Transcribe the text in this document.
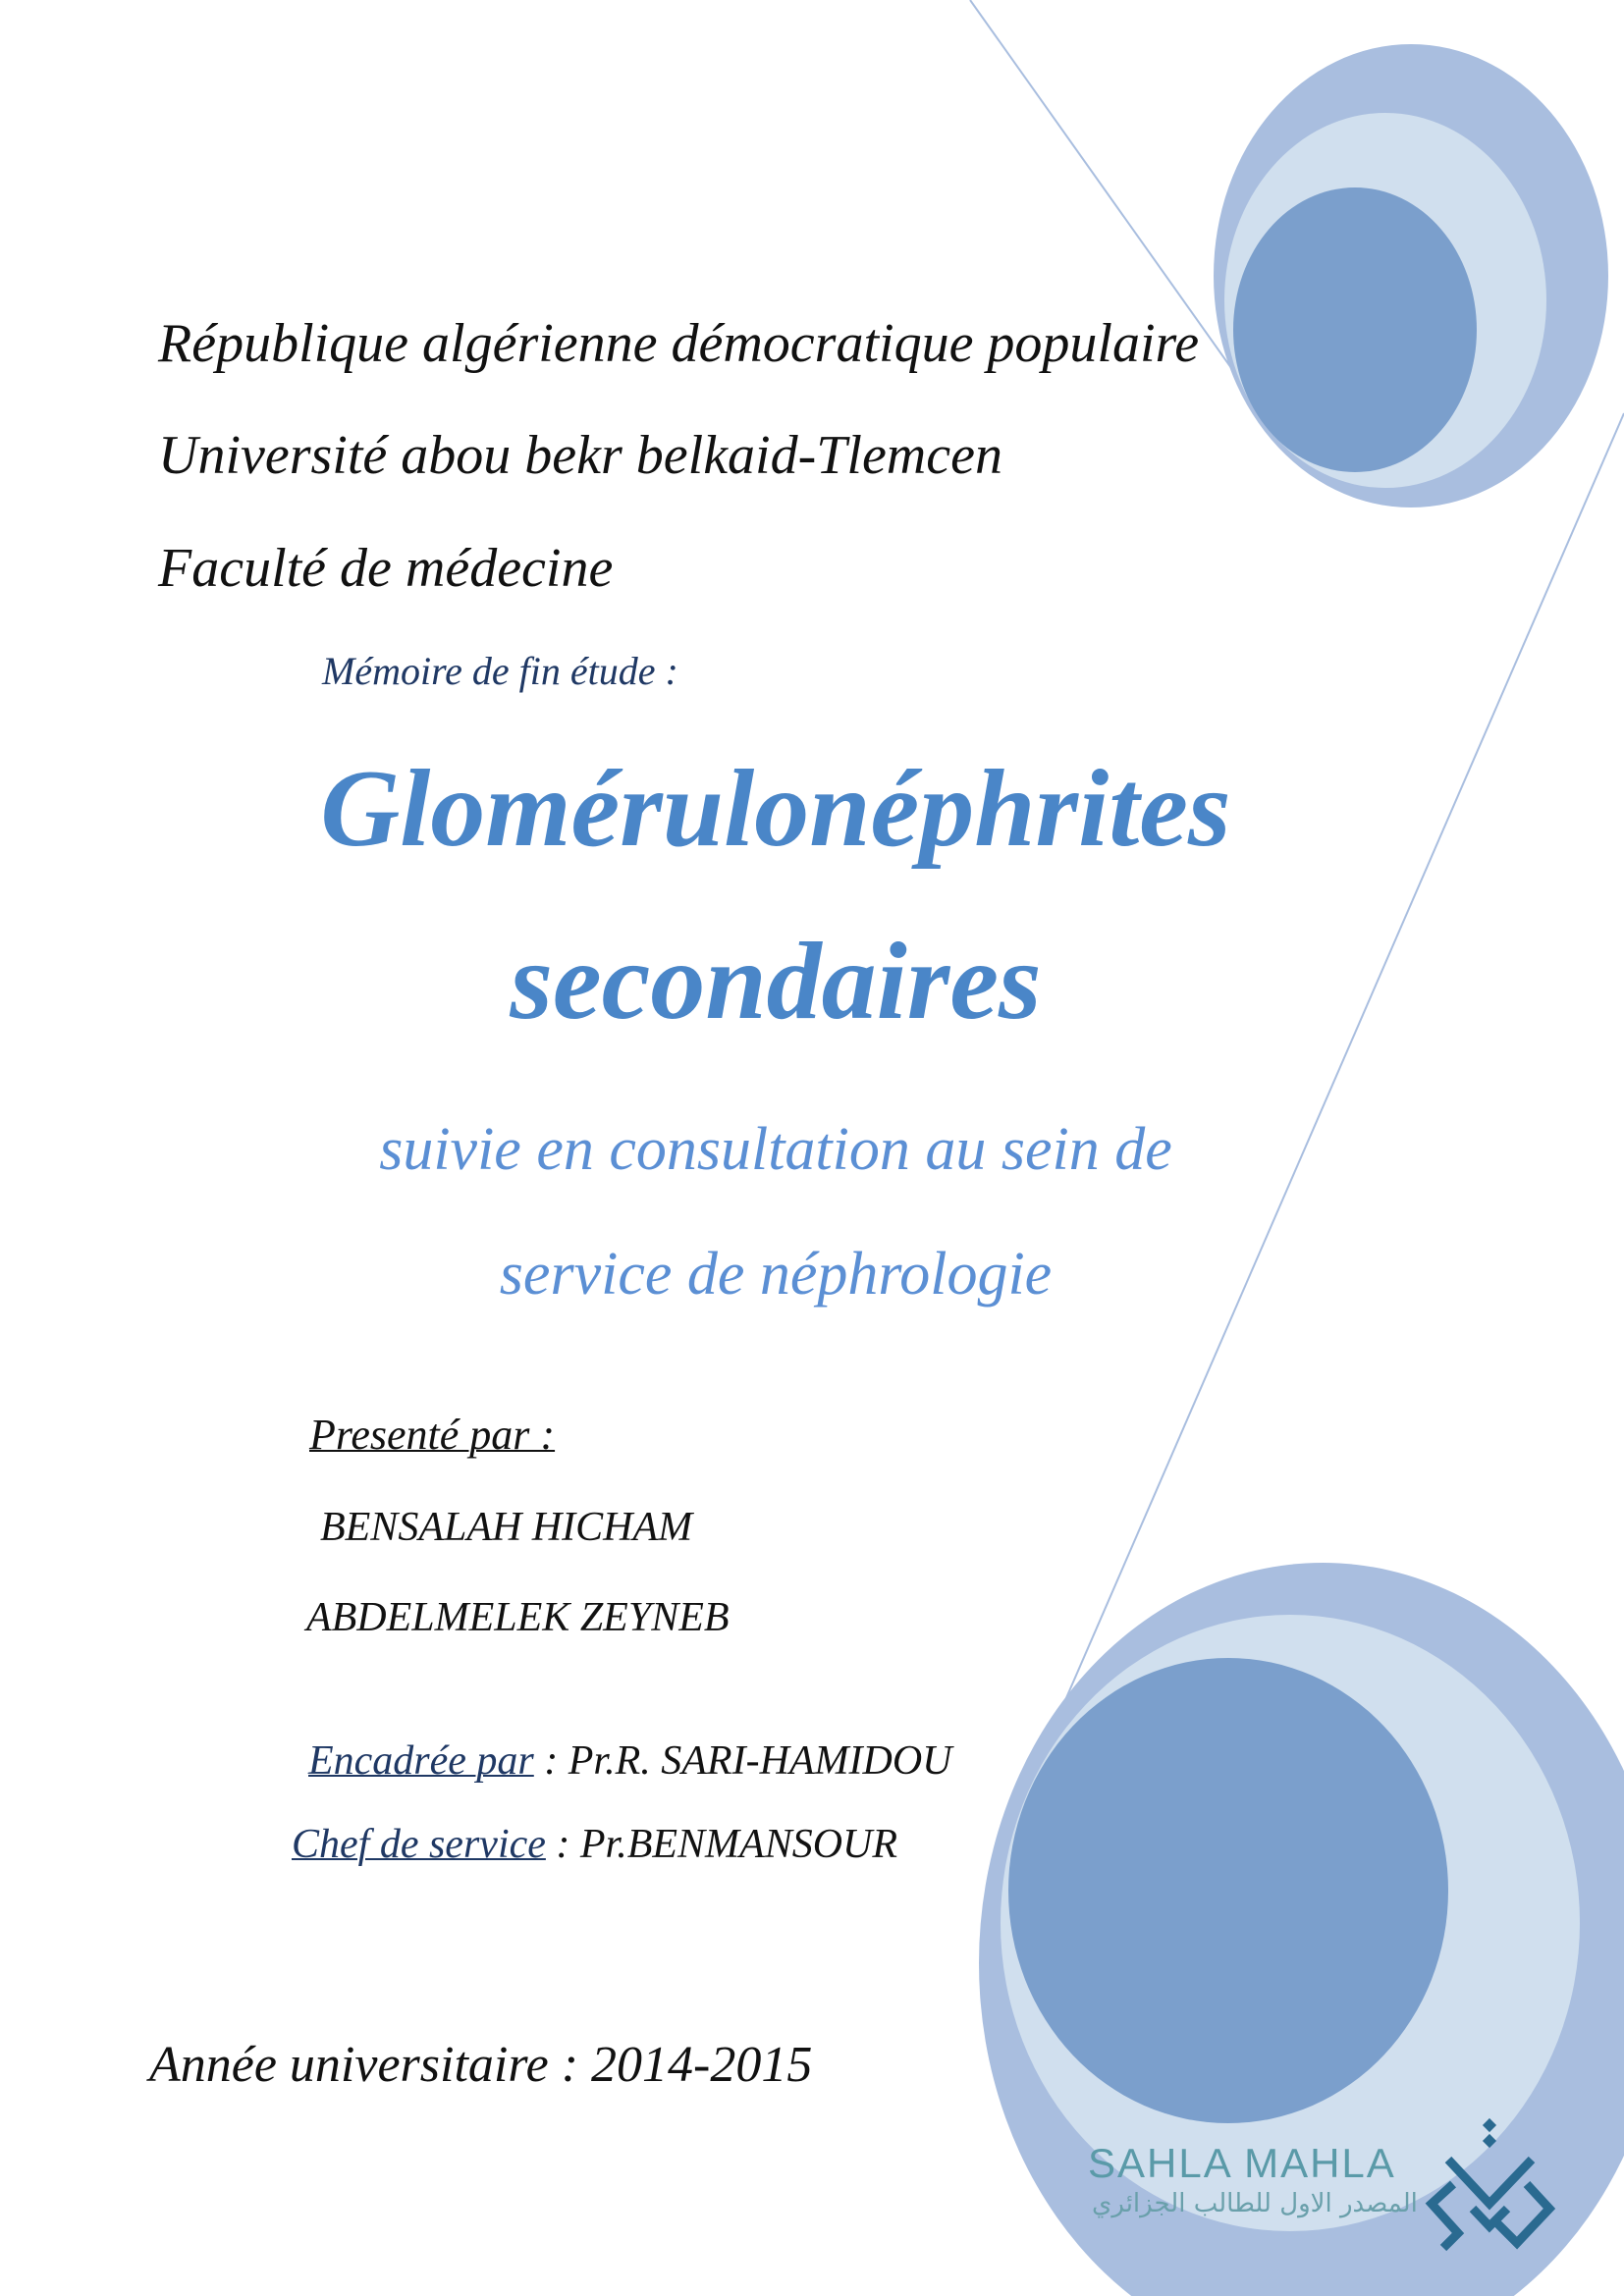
République algérienne démocratique populaire
Université abou bekr belkaid-Tlemcen
Faculté de médecine
Mémoire de fin étude :
Glomérulonéphrites
secondaires
suivie en consultation au sein de
service de néphrologie
Presenté par :
BENSALAH HICHAM
ABDELMELEK ZEYNEB
Encadrée par : Pr.R. SARI-HAMIDOU
Chef de service : Pr.BENMANSOUR
Année universitaire : 2014-2015
SAHLA MAHLA
المصدر الاول للطالب الجزائري
